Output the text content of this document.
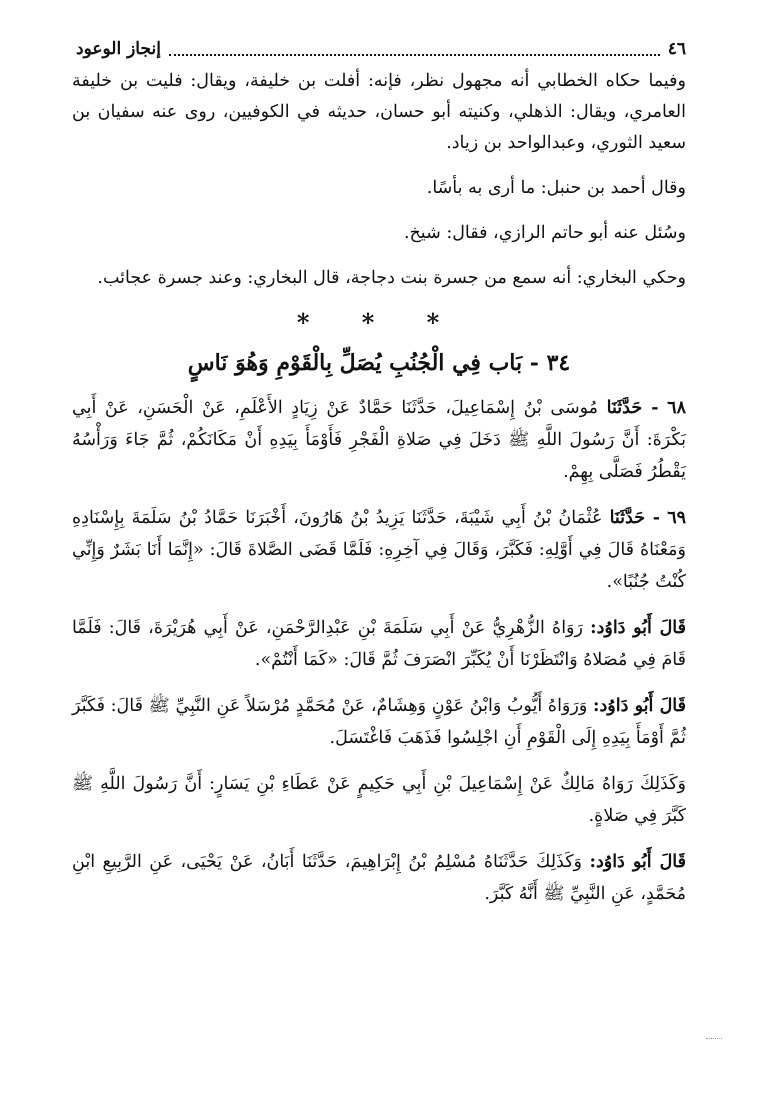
٤٦
إنجاز الوعود

وفيما حكاه الخطابي أنه مجهول نظر، فإنه: أفلت بن خليفة، ويقال: فليت بن خليفة العامري، ويقال: الذهلي، وكنيته أبو حسان، حديثه في الكوفيين، روى عنه سفيان بن سعيد الثوري، وعبدالواحد بن زياد.

وقال أحمد بن حنبل: ما أرى به بأسًا.

وسُئل عنه أبو حاتم الرازي، فقال: شيخ.

وحكي البخاري: أنه سمع من جسرة بنت دجاجة، قال البخاري: وعند جسرة عجائب.

* * *
٣٤ - بَاب فِي الْجُنُبِ يُصَلِّ بِالْقَوْمِ وَهُوَ نَاسٍ

٦٨ - حَدَّثَنَا مُوسَى بْنُ إِسْمَاعِيلَ، حَدَّثَنَا حَمَّادٌ عَنْ زِيَادٍ الأَعْلَمِ، عَنْ الْحَسَنِ، عَنْ أَبِي بَكْرَةَ: أَنَّ رَسُولَ اللَّهِ ﷺ دَخَلَ فِي صَلاةِ الْفَجْرِ فَأَوْمَأَ بِيَدِهِ أَنْ مَكَانَكُمْ، ثُمَّ جَاءَ وَرَأْسُهُ يَقْطُرُ فَصَلَّى بِهِمْ.

٦٩ - حَدَّثَنَا عُثْمَانُ بْنُ أَبِي شَيْبَةَ، حَدَّثَنَا يَزِيدُ بْنُ هَارُونَ، أَخْبَرَنَا حَمَّادُ بْنُ سَلَمَةَ بِإِسْنَادِهِ وَمَعْنَاهُ قَالَ فِي أَوَّلِهِ: فَكَبَّرَ، وَقَالَ فِي آخِرِهِ: فَلَمَّا قَضَى الصَّلاةَ قَالَ: «إِنَّمَا أَنَا بَشَرٌ وَإِنِّي كُنْتُ جُنُبًا».

قَالَ أَبُو دَاوُد: رَوَاهُ الزُّهْرِيُّ عَنْ أَبِي سَلَمَةَ بْنِ عَبْدِالرَّحْمَنِ، عَنْ أَبِي هُرَيْرَةَ، قَالَ: فَلَمَّا قَامَ فِي مُصَلاهُ وَانْتَظَرْنَا أَنْ يُكَبِّرَ انْصَرَفَ ثُمَّ قَالَ: «كَمَا أَنْتُمْ».

قَالَ أَبُو دَاوُد: وَرَوَاهُ أَيُّوبُ وَابْنُ عَوْنٍ وَهِشَامٌ، عَنْ مُحَمَّدٍ مُرْسَلاً عَنِ النَّبِيِّ ﷺ قَالَ: فَكَبَّرَ ثُمَّ أَوْمَأَ بِيَدِهِ إِلَى الْقَوْمِ أَنِ اجْلِسُوا فَذَهَبَ فَاغْتَسَلَ.

وَكَذَلِكَ رَوَاهُ مَالِكٌ عَنْ إِسْمَاعِيلَ بْنِ أَبِي حَكِيمٍ عَنْ عَطَاءِ بْنِ يَسَارٍ: أَنَّ رَسُولَ اللَّهِ ﷺ كَبَّرَ فِي صَلاةٍ.

قَالَ أَبُو دَاوُد: وَكَذَلِكَ حَدَّثَنَاهُ مُسْلِمُ بْنُ إِبْرَاهِيمَ، حَدَّثَنَا أَبَانُ، عَنْ يَحْيَى، عَنِ الرَّبِيعِ ابْنِ مُحَمَّدٍ، عَنِ النَّبِيِّ ﷺ أَنَّهُ كَبَّرَ.
